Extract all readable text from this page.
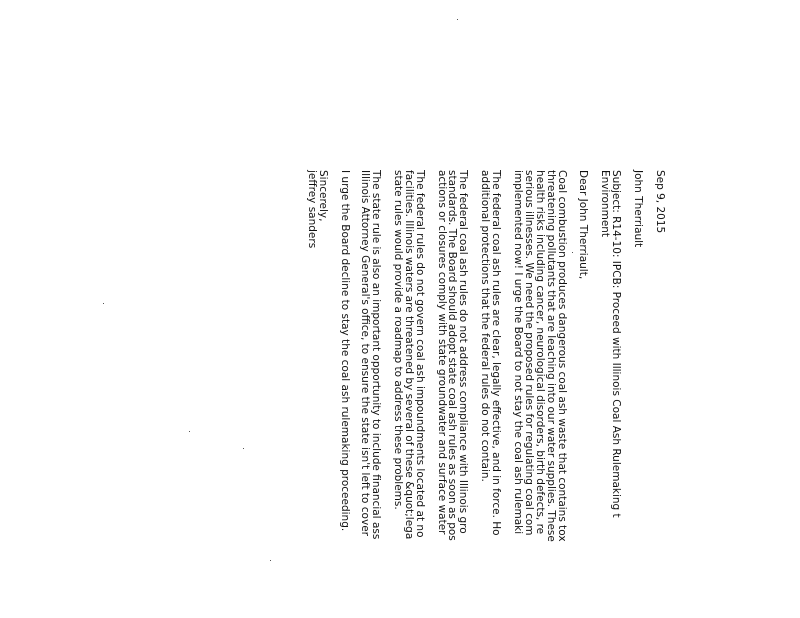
Sep 9, 2015
John Therriault
Subject: R14-10: IPCB: Proceed with Illinois Coal Ash Rulemaking t
Environment
Dear John Therriault,
Coal combustion produces dangerous coal ash waste that contains tox
threatening pollutants that are leaching into our water supplies. These
health risks including cancer, neurological disorders, birth defects, re
serious illnesses. We need the proposed rules for regulating coal com
implemented now! I urge the Board to not stay the coal ash rulemaki
The federal coal ash rules are clear, legally effective, and in force. Ho
additional protections that the federal rules do not contain.
The federal coal ash rules do not address compliance with Illinois gro
standards. The Board should adopt state coal ash rules as soon as pos
actions or closures comply with state groundwater and surface water
The federal rules do not govern coal ash impoundments located at no
facilities. Illinois waters are threatened by several of these &quot;lega
state rules would provide a roadmap to address these problems.
The state rule is also an important opportunity to include financial ass
Illinois Attorney General's office, to ensure the state isn't left to cover
I urge the Board decline to stay the coal ash rulemaking proceeding.
Sincerely,
jeffrey sanders
